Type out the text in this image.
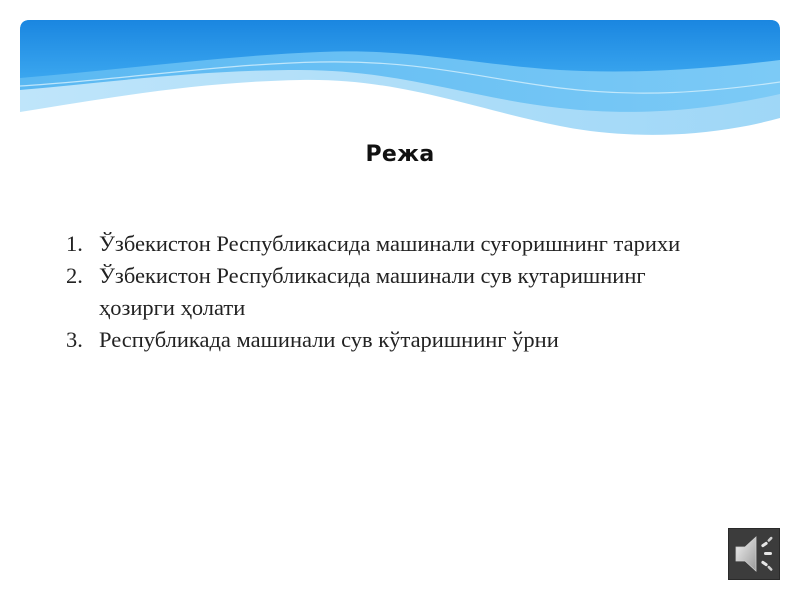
Режа
1. Ўзбекистон Республикасида машинали суғоришнинг тарихи
2. Ўзбекистон Республикасида машинали сув кутаришнингҳозирги ҳолати
3. Республикада машинали сув кўтаришнинг ўрни
